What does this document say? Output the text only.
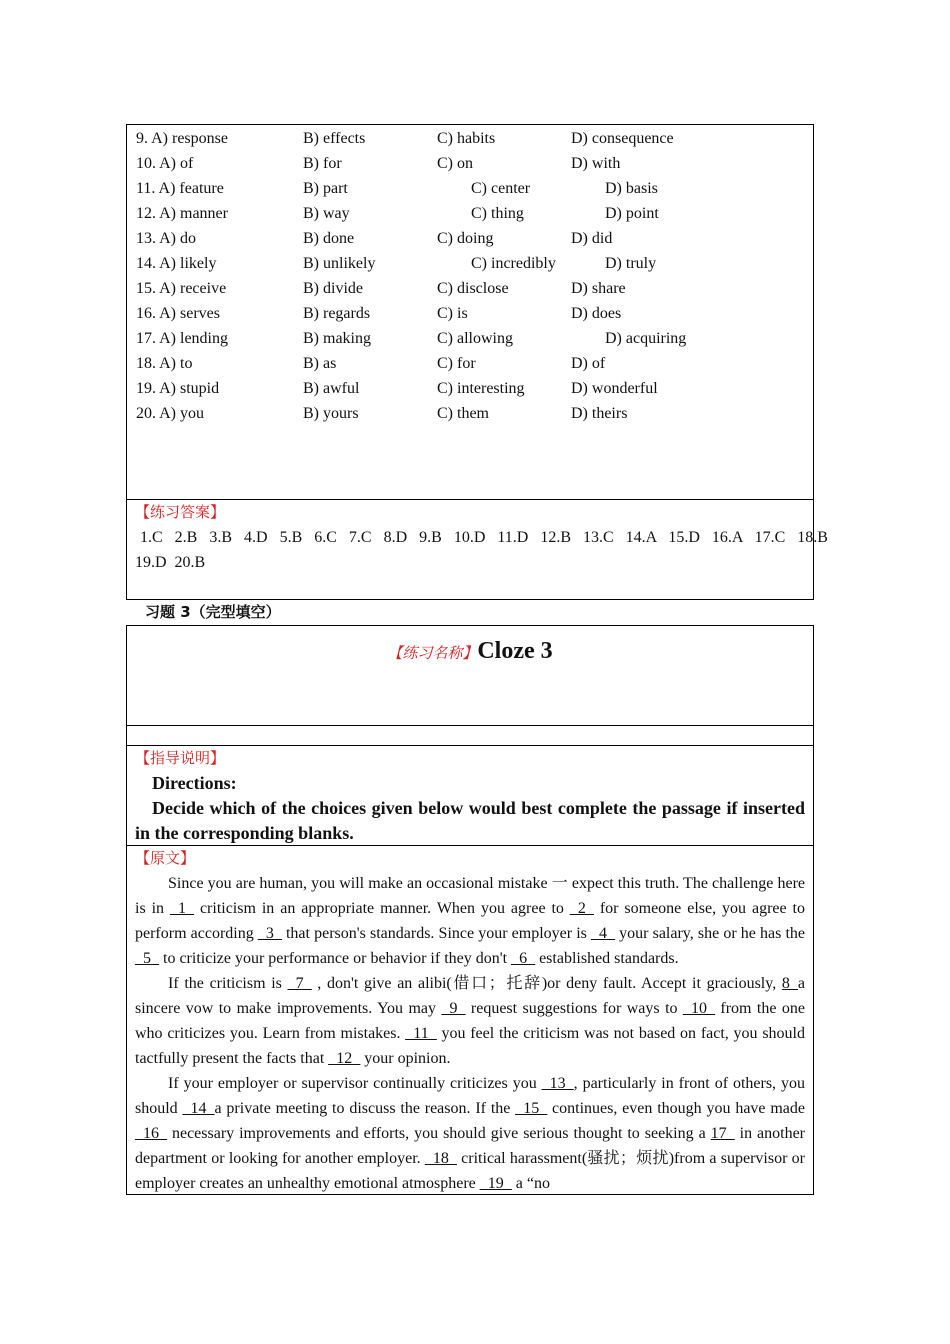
9. A) response	B) effects	C) habits	D) consequence
10. A) of	B) for	C) on	D) with
11. A) feature	B) part	C) center	D) basis
12. A) manner	B) way	C) thing	D) point
13. A) do	B) done	C) doing	D) did
14. A) likely	B) unlikely	C) incredibly	D) truly
15. A) receive	B) divide	C) disclose	D) share
16. A) serves	B) regards	C) is	D) does
17. A) lending	B) making	C) allowing	D) acquiring
18. A) to	B) as	C) for	D) of
19. A) stupid	B) awful	C) interesting	D) wonderful
20. A) you	B) yours	C) them	D) theirs
【练习答案】
1.C  2.B  3.B  4.D  5.B  6.C  7.C  8.D  9.B  10.D  11.D  12.B  13.C  14.A  15.D  16.A  17.C  18.B
19.D  20.B
习题 3（完型填空）
【练习名称】Cloze 3
【指导说明】
Directions:
Decide which of the choices given below would best complete the passage if inserted in the corresponding blanks.
【原文】
Since you are human, you will make an occasional mistake 一 expect this truth. The challenge here is in _1_ criticism in an appropriate manner. When you agree to _2_ for someone else, you agree to perform according _3_ that person's standards. Since your employer is _4_ your salary, she or he has the _5_ to criticize your performance or behavior if they don't _6_ established standards.
If the criticism is _7_ , don't give an alibi(借口；托辞)or deny fault. Accept it graciously, 8_a sincere vow to make improvements. You may _9_ request suggestions for ways to _10_ from the one who criticizes you. Learn from mistakes. _11_ you feel the criticism was not based on fact, you should tactfully present the facts that _12_ your opinion.
If your employer or supervisor continually criticizes you _13_, particularly in front of others, you should _14_a private meeting to discuss the reason. If the _15_ continues, even though you have made _16_ necessary improvements and efforts, you should give serious thought to seeking a 17_ in another department or looking for another employer. _18_ critical harassment(骚扰；烦扰)from a supervisor or employer creates an unhealthy emotional atmosphere _19_ a “no
